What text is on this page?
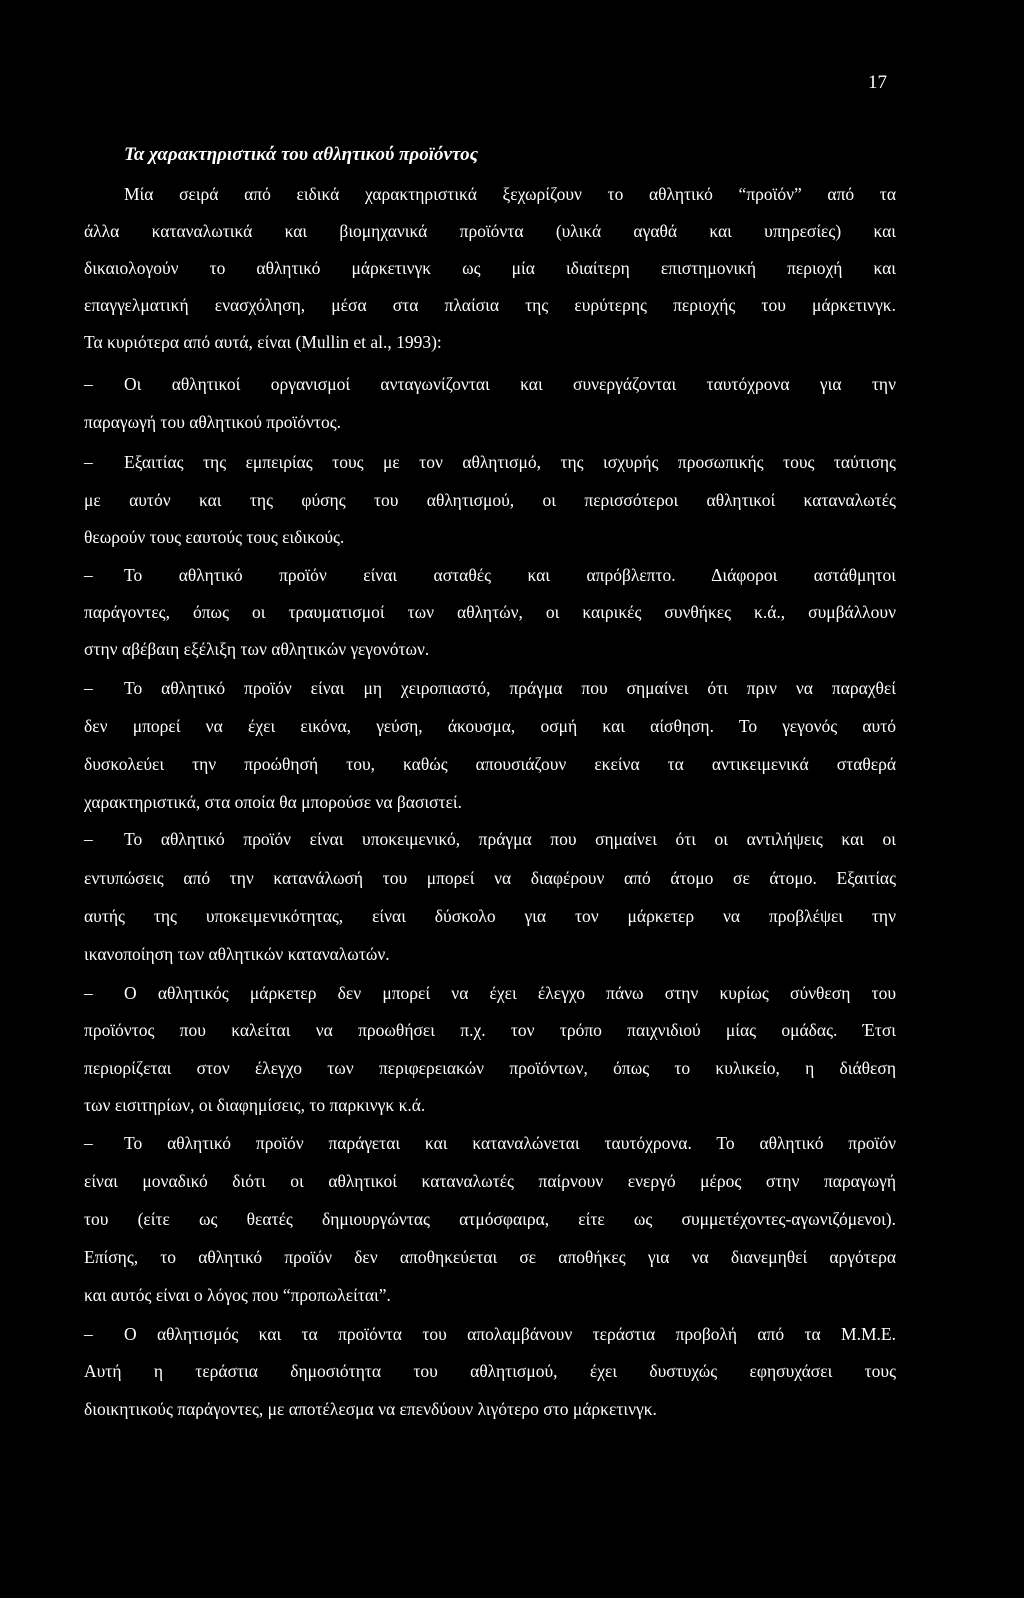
17
Τα χαρακτηριστικά του αθλητικού προϊόντος
Μία σειρά από ειδικά χαρακτηριστικά ξεχωρίζουν το αθλητικό “προϊόν” από τα
άλλα καταναλωτικά και βιομηχανικά προϊόντα (υλικά αγαθά και υπηρεσίες) και
δικαιολογούν το αθλητικό μάρκετινγκ ως μία ιδιαίτερη επιστημονική περιοχή και
επαγγελματική ενασχόληση, μέσα στα πλαίσια της ευρύτερης περιοχής του μάρκετινγκ.
Τα κυριότερα από αυτά, είναι (Mullin et al., 1993):
–	Οι αθλητικοί οργανισμοί ανταγωνίζονται και συνεργάζονται ταυτόχρονα για την
παραγωγή του αθλητικού προϊόντος.
–	Εξαιτίας της εμπειρίας τους με τον αθλητισμό, της ισχυρής προσωπικής τους ταύτισης
με αυτόν και της φύσης του αθλητισμού, οι περισσότεροι αθλητικοί καταναλωτές
θεωρούν τους εαυτούς τους ειδικούς.
–	Το αθλητικό προϊόν είναι ασταθές και απρόβλεπτο. Διάφοροι αστάθμητοι
παράγοντες, όπως οι τραυματισμοί των αθλητών, οι καιρικές συνθήκες κ.ά., συμβάλλουν
στην αβέβαιη εξέλιξη των αθλητικών γεγονότων.
–	Το αθλητικό προϊόν είναι μη χειροπιαστό, πράγμα που σημαίνει ότι πριν να παραχθεί
δεν μπορεί να έχει εικόνα, γεύση, άκουσμα, οσμή και αίσθηση. Το γεγονός αυτό
δυσκολεύει την προώθησή του, καθώς απουσιάζουν εκείνα τα αντικειμενικά σταθερά
χαρακτηριστικά, στα οποία θα μπορούσε να βασιστεί.
–	Το αθλητικό προϊόν είναι υποκειμενικό, πράγμα που σημαίνει ότι οι αντιλήψεις και οι
εντυπώσεις από την κατανάλωσή του μπορεί να διαφέρουν από άτομο σε άτομο. Εξαιτίας
αυτής της υποκειμενικότητας, είναι δύσκολο για τον μάρκετερ να προβλέψει την
ικανοποίηση των αθλητικών καταναλωτών.
–	Ο αθλητικός μάρκετερ δεν μπορεί να έχει έλεγχο πάνω στην κυρίως σύνθεση του
προϊόντος που καλείται να προωθήσει π.χ. τον τρόπο παιχνιδιού μίας ομάδας. Έτσι
περιορίζεται στον έλεγχο των περιφερειακών προϊόντων, όπως το κυλικείο, η διάθεση
των εισιτηρίων, οι διαφημίσεις, το παρκινγκ κ.ά.
–	Το αθλητικό προϊόν παράγεται και καταναλώνεται ταυτόχρονα. Το αθλητικό προϊόν
είναι μοναδικό διότι οι αθλητικοί καταναλωτές παίρνουν ενεργό μέρος στην παραγωγή
του (είτε ως θεατές δημιουργώντας ατμόσφαιρα, είτε ως συμμετέχοντες-αγωνιζόμενοι).
Επίσης, το αθλητικό προϊόν δεν αποθηκεύεται σε αποθήκες για να διανεμηθεί αργότερα
και αυτός είναι ο λόγος που “προπωλείται”.
–	Ο αθλητισμός και τα προϊόντα του απολαμβάνουν τεράστια προβολή από τα Μ.Μ.Ε.
Αυτή η τεράστια δημοσιότητα του αθλητισμού, έχει δυστυχώς εφησυχάσει τους
διοικητικούς παράγοντες, με αποτέλεσμα να επενδύουν λιγότερο στο μάρκετινγκ.
